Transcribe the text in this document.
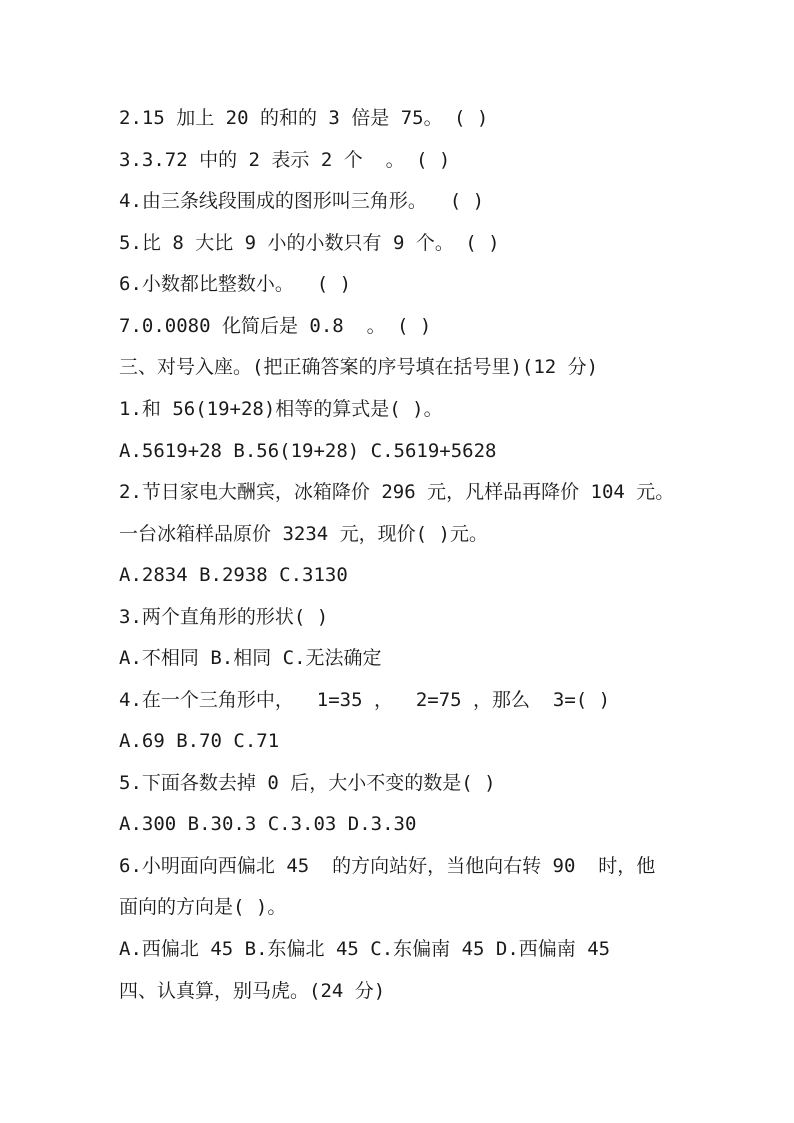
2.15 加上 20 的和的 3 倍是 75。 ( )
3.3.72 中的 2 表示 2 个  。 ( )
4.由三条线段围成的图形叫三角形。  ( )
5.比 8 大比 9 小的小数只有 9 个。 ( )
6.小数都比整数小。  ( )
7.0.0080 化简后是 0.8  。 ( )
三、对号入座。(把正确答案的序号填在括号里)(12 分)
1.和 56(19+28)相等的算式是( )。
A.5619+28 B.56(19+28) C.5619+5628
2.节日家电大酬宾，冰箱降价 296 元，凡样品再降价 104 元。
一台冰箱样品原价 3234 元，现价( )元。
A.2834 B.2938 C.3130
3.两个直角形的形状( )
A.不相同 B.相同 C.无法确定
4.在一个三角形中，  1=35 ，  2=75 ，那么  3=( )
A.69 B.70 C.71
5.下面各数去掉 0 后，大小不变的数是( )
A.300 B.30.3 C.3.03 D.3.30
6.小明面向西偏北 45  的方向站好，当他向右转 90  时，他
面向的方向是( )。
A.西偏北 45 B.东偏北 45 C.东偏南 45 D.西偏南 45
四、认真算，别马虎。(24 分)
